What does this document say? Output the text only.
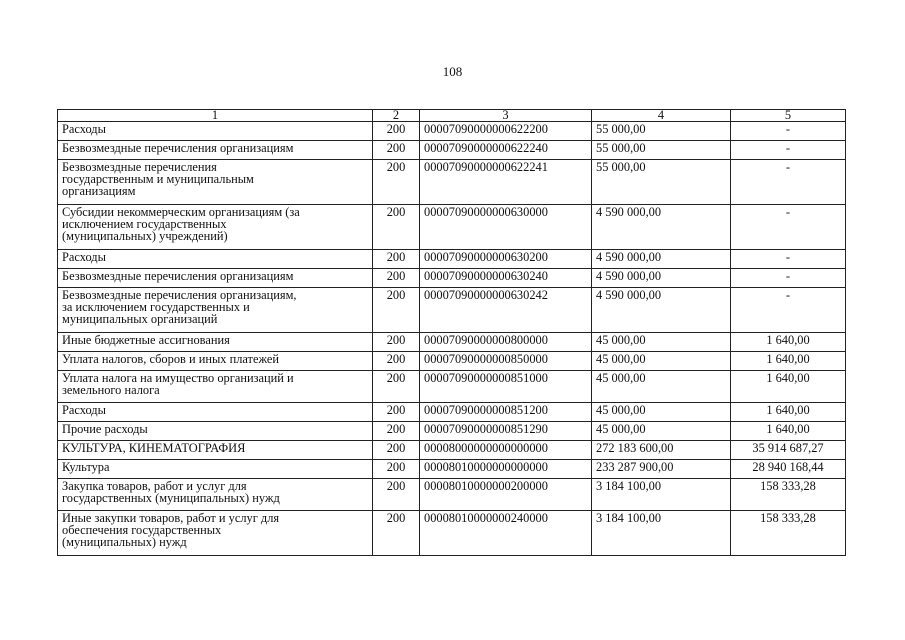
108
1	2	3	4	5

Расходы	200	00007090000000622200	55 000,00	-

Безвозмездные перечисления организациям	200	00007090000000622240	55 000,00	-

Безвозмездные перечисления
государственным и муниципальным
организациям	200	00007090000000622241	55 000,00	-

Субсидии некоммерческим организациям (за
исключением государственных
(муниципальных) учреждений)	200	00007090000000630000	4 590 000,00	-

Расходы	200	00007090000000630200	4 590 000,00	-

Безвозмездные перечисления организациям	200	00007090000000630240	4 590 000,00	-

Безвозмездные перечисления организациям,
за исключением государственных и
муниципальных организаций	200	00007090000000630242	4 590 000,00	-

Иные бюджетные ассигнования	200	00007090000000800000	45 000,00	1 640,00

Уплата налогов, сборов и иных платежей	200	00007090000000850000	45 000,00	1 640,00

Уплата налога на имущество организаций и
земельного налога	200	00007090000000851000	45 000,00	1 640,00

Расходы	200	00007090000000851200	45 000,00	1 640,00

Прочие расходы	200	00007090000000851290	45 000,00	1 640,00

КУЛЬТУРА, КИНЕМАТОГРАФИЯ	200	00008000000000000000	272 183 600,00	35 914 687,27

Культура	200	00008010000000000000	233 287 900,00	28 940 168,44

Закупка товаров, работ и услуг для
государственных (муниципальных) нужд	200	00008010000000200000	3 184 100,00	158 333,28

Иные закупки товаров, работ и услуг для
обеспечения государственных
(муниципальных) нужд	200	00008010000000240000	3 184 100,00	158 333,28
